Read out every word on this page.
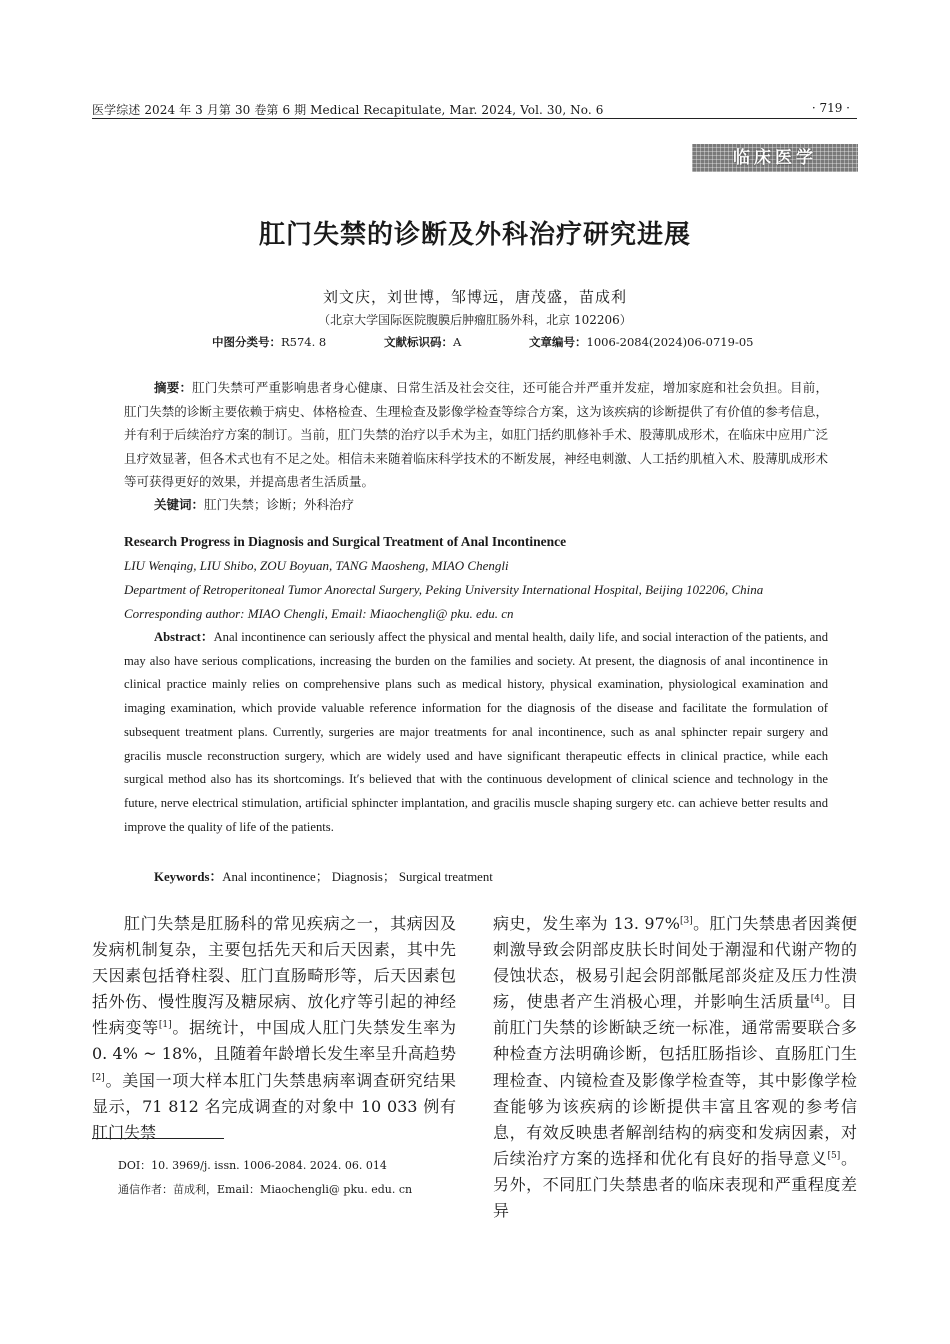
医学综述 2024 年 3 月第 30 卷第 6 期 Medical Recapitulate, Mar. 2024, Vol. 30, No. 6	· 719 ·
临床医学
肛门失禁的诊断及外科治疗研究进展
刘文庆，刘世博，邹博远，唐茂盛，苗成利
（北京大学国际医院腹膜后肿瘤肛肠外科，北京 102206）
中图分类号：R574. 8	文献标识码：A	文章编号：1006-2084(2024)06-0719-05
摘要：肛门失禁可严重影响患者身心健康、日常生活及社会交往，还可能合并严重并发症，增加家庭和社会负担。目前，肛门失禁的诊断主要依赖于病史、体格检查、生理检查及影像学检查等综合方案，这为该疾病的诊断提供了有价值的参考信息，并有利于后续治疗方案的制订。当前，肛门失禁的治疗以手术为主，如肛门括约肌修补手术、股薄肌成形术，在临床中应用广泛且疗效显著，但各术式也有不足之处。相信未来随着临床科学技术的不断发展，神经电刺激、人工括约肌植入术、股薄肌成形术等可获得更好的效果，并提高患者生活质量。
关键词：肛门失禁；诊断；外科治疗
Research Progress in Diagnosis and Surgical Treatment of Anal Incontinence
LIU Wenqing, LIU Shibo, ZOU Boyuan, TANG Maosheng, MIAO Chengli
Department of Retroperitoneal Tumor Anorectal Surgery, Peking University International Hospital, Beijing 102206, China
Corresponding author: MIAO Chengli, Email: Miaochengli@ pku. edu. cn
Abstract：Anal incontinence can seriously affect the physical and mental health, daily life, and social interaction of the patients, and may also have serious complications, increasing the burden on the families and society. At present, the diagnosis of anal incontinence in clinical practice mainly relies on comprehensive plans such as medical history, physical examination, physiological examination and imaging examination, which provide valuable reference information for the diagnosis of the disease and facilitate the formulation of subsequent treatment plans. Currently, surgeries are major treatments for anal incontinence, such as anal sphincter repair surgery and gracilis muscle reconstruction surgery, which are widely used and have significant therapeutic effects in clinical practice, while each surgical method also has its shortcomings. It′s believed that with the continuous development of clinical science and technology in the future, nerve electrical stimulation, artificial sphincter implantation, and gracilis muscle shaping surgery etc. can achieve better results and improve the quality of life of the patients.
Keywords：Anal incontinence； Diagnosis； Surgical treatment
肛门失禁是肛肠科的常见疾病之一，其病因及发病机制复杂，主要包括先天和后天因素，其中先天因素包括脊柱裂、肛门直肠畸形等，后天因素包括外伤、慢性腹泻及糖尿病、放化疗等引起的神经性病变等[1]。据统计，中国成人肛门失禁发生率为 0. 4% ~ 18%，且随着年龄增长发生率呈升高趋势[2]。美国一项大样本肛门失禁患病率调查研究结果显示，71 812 名完成调查的对象中 10 033 例有肛门失禁
病史，发生率为 13. 97%[3]。肛门失禁患者因粪便刺激导致会阴部皮肤长时间处于潮湿和代谢产物的侵蚀状态，极易引起会阴部骶尾部炎症及压力性溃疡，使患者产生消极心理，并影响生活质量[4]。目前肛门失禁的诊断缺乏统一标准，通常需要联合多种检查方法明确诊断，包括肛肠指诊、直肠肛门生理检查、内镜检查及影像学检查等，其中影像学检查能够为该疾病的诊断提供丰富且客观的参考信息，有效反映患者解剖结构的病变和发病因素，对后续治疗方案的选择和优化有良好的指导意义[5]。另外，不同肛门失禁患者的临床表现和严重程度差异
DOI：10. 3969/j. issn. 1006-2084. 2024. 06. 014
通信作者：苗成利，Email：Miaochengli@ pku. edu. cn
